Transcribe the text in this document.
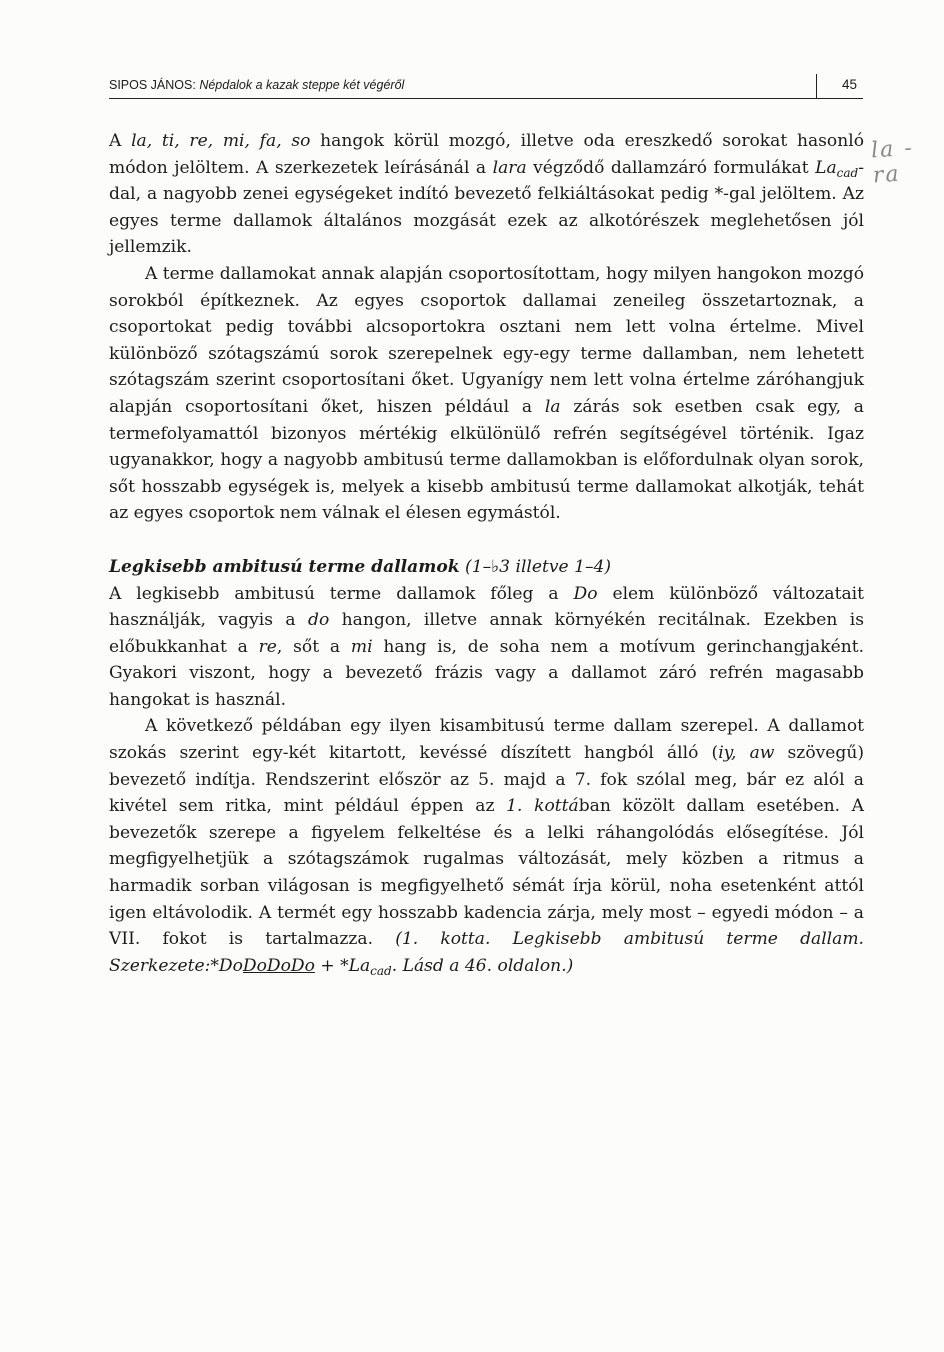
SIPOS JÁNOS: Népdalok a kazak steppe két végéről	45
la - ra

A la, ti, re, mi, fa, so hangok körül mozgó, illetve oda ereszkedő sorokat hasonló módon jelöltem. A szerkezetek leírásánál a lara végződő dallamzáró formulákat $La_{cad}$-dal, a nagyobb zenei egységeket indító bevezető felkiáltásokat pedig *-gal jelöltem. Az egyes terme dallamok általános mozgását ezek az alkotórészek meglehetősen jól jellemzik.

A terme dallamokat annak alapján csoportosítottam, hogy milyen hangokon mozgó sorokból építkeznek. Az egyes csoportok dallamai zeneileg összetartoznak, a csoportokat pedig további alcsoportokra osztani nem lett volna értelme. Mivel különböző szótagszámú sorok szerepelnek egy-egy terme dallamban, nem lehetett szótagszám szerint csoportosítani őket. Ugyanígy nem lett volna értelme záróhangjuk alapján csoportosítani őket, hiszen például a la zárás sok esetben csak egy, a termefolyamattól bizonyos mértékig elkülönülő refrén segítségével történik. Igaz ugyanakkor, hogy a nagyobb ambitusú terme dallamokban is előfordulnak olyan sorok, sőt hosszabb egységek is, melyek a kisebb ambitusú terme dallamokat alkotják, tehát az egyes csoportok nem válnak el élesen egymástól.

Legkisebb ambitusú terme dallamok (1–♭3 illetve 1–4)

A legkisebb ambitusú terme dallamok főleg a Do elem különböző változatait használják, vagyis a do hangon, illetve annak környékén recitálnak. Ezekben is előbukkanhat a re, sőt a mi hang is, de soha nem a motívum gerinchangjaként. Gyakori viszont, hogy a bevezető frázis vagy a dallamot záró refrén magasabb hangokat is használ.

A következő példában egy ilyen kisambitusú terme dallam szerepel. A dallamot szokás szerint egy-két kitartott, kevéssé díszített hangból álló (iy, aw szövegű) bevezető indítja. Rendszerint először az 5. majd a 7. fok szólal meg, bár ez alól a kivétel sem ritka, mint például éppen az 1. kottában közölt dallam esetében. A bevezetők szerepe a figyelem felkeltése és a lelki ráhangolódás elősegítése. Jól megfigyelhetjük a szótagszámok rugalmas változását, mely közben a ritmus a harmadik sorban világosan is megfigyelhető sémát írja körül, noha esetenként attól igen eltávolodik. A termét egy hosszabb kadencia zárja, mely most – egyedi módon – a VII. fokot is tartalmazza. (1. kotta. Legkisebb ambitusú terme dallam. Szerkezete:*DoDoDoDo + $*La_{cad}$. Lásd a 46. oldalon.)
